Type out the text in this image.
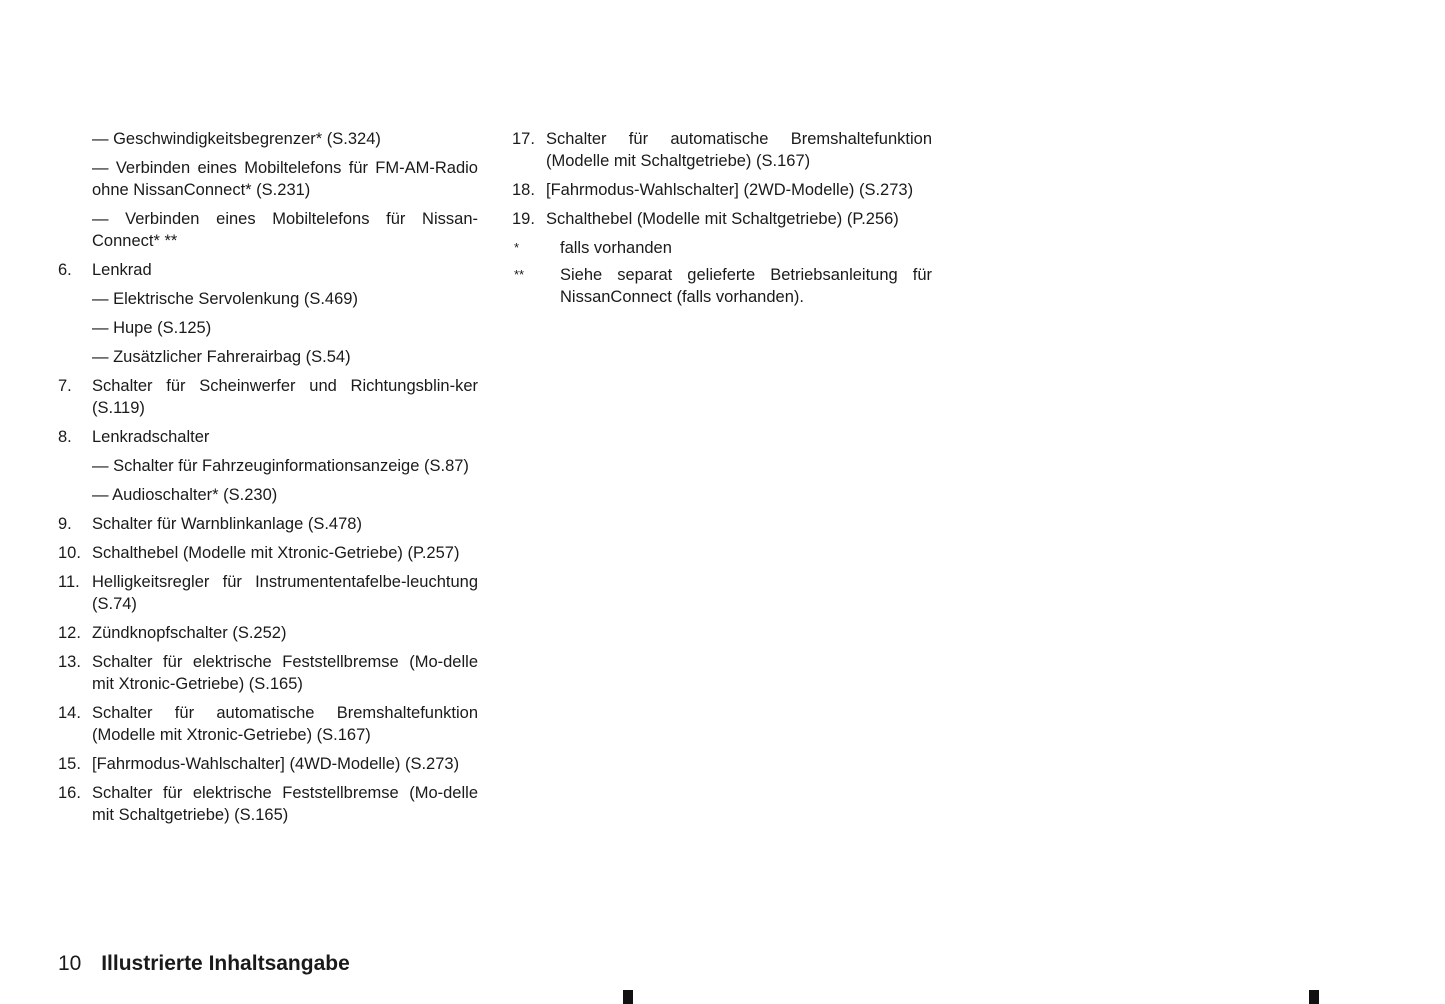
— Geschwindigkeitsbegrenzer* (S.324)
— Verbinden eines Mobiltelefons für FM-AM-Radio ohne NissanConnect* (S.231)
— Verbinden eines Mobiltelefons für Nissan-Connect* **
6. Lenkrad
— Elektrische Servolenkung (S.469)
— Hupe (S.125)
— Zusätzlicher Fahrerairbag (S.54)
7. Schalter für Scheinwerfer und Richtungsblin-ker (S.119)
8. Lenkradschalter
— Schalter für Fahrzeuginformationsanzeige (S.87)
— Audioschalter* (S.230)
9. Schalter für Warnblinkanlage (S.478)
10. Schalthebel (Modelle mit Xtronic-Getriebe) (P.257)
11. Helligkeitsregler für Instrumententafelbe-leuchtung (S.74)
12. Zündknopfschalter (S.252)
13. Schalter für elektrische Feststellbremse (Mo-delle mit Xtronic-Getriebe) (S.165)
14. Schalter für automatische Bremshaltefunktion (Modelle mit Xtronic-Getriebe) (S.167)
15. [Fahrmodus-Wahlschalter] (4WD-Modelle) (S.273)
16. Schalter für elektrische Feststellbremse (Mo-delle mit Schaltgetriebe) (S.165)
17. Schalter für automatische Bremshaltefunktion (Modelle mit Schaltgetriebe) (S.167)
18. [Fahrmodus-Wahlschalter] (2WD-Modelle) (S.273)
19. Schalthebel (Modelle mit Schaltgetriebe) (P.256)
* falls vorhanden
** Siehe separat gelieferte Betriebsanleitung für NissanConnect (falls vorhanden).
10 Illustrierte Inhaltsangabe
